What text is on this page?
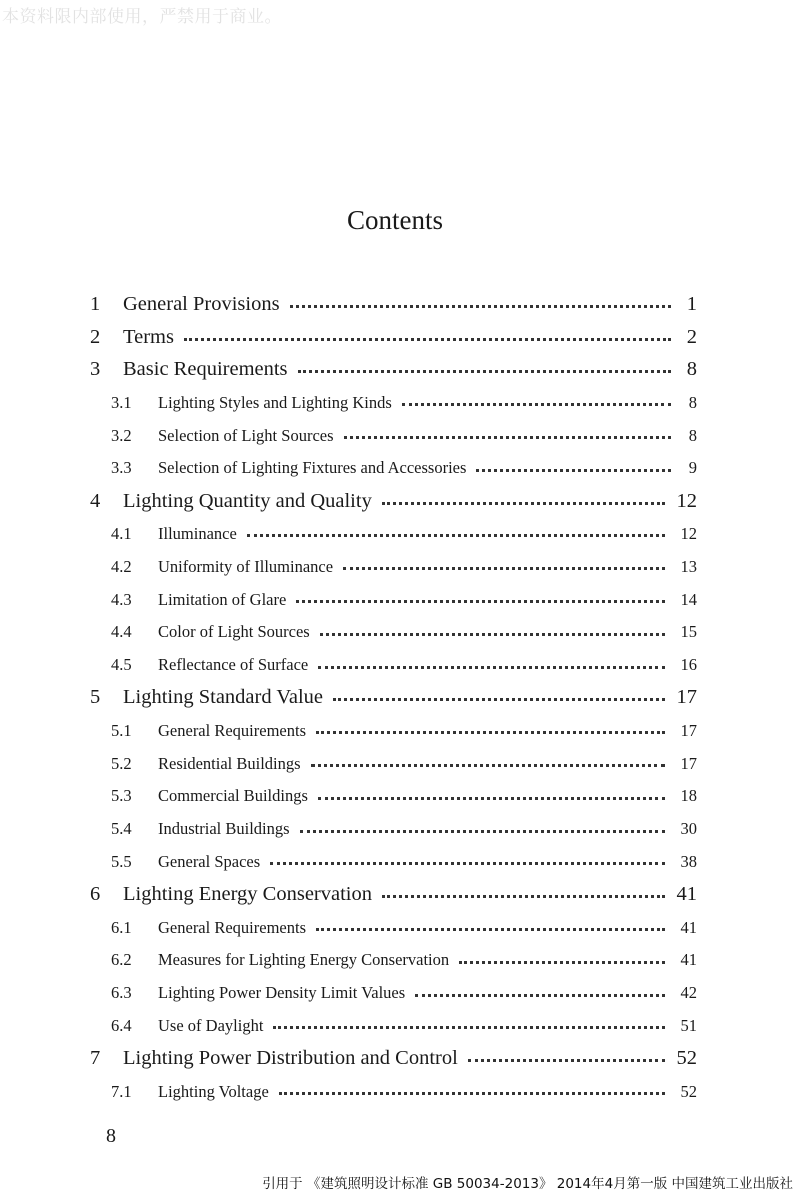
本资料限内部使用，严禁用于商业。
Contents
1 General Provisions	1
2 Terms	2
3 Basic Requirements	8
3.1 Lighting Styles and Lighting Kinds	8
3.2 Selection of Light Sources	8
3.3 Selection of Lighting Fixtures and Accessories	9
4 Lighting Quantity and Quality	12
4.1 Illuminance	12
4.2 Uniformity of Illuminance	13
4.3 Limitation of Glare	14
4.4 Color of Light Sources	15
4.5 Reflectance of Surface	16
5 Lighting Standard Value	17
5.1 General Requirements	17
5.2 Residential Buildings	17
5.3 Commercial Buildings	18
5.4 Industrial Buildings	30
5.5 General Spaces	38
6 Lighting Energy Conservation	41
6.1 General Requirements	41
6.2 Measures for Lighting Energy Conservation	41
6.3 Lighting Power Density Limit Values	42
6.4 Use of Daylight	51
7 Lighting Power Distribution and Control	52
7.1 Lighting Voltage	52
8
引用于 《建筑照明设计标准 GB 50034-2013》 2014年4月第一版 中国建筑工业出版社
